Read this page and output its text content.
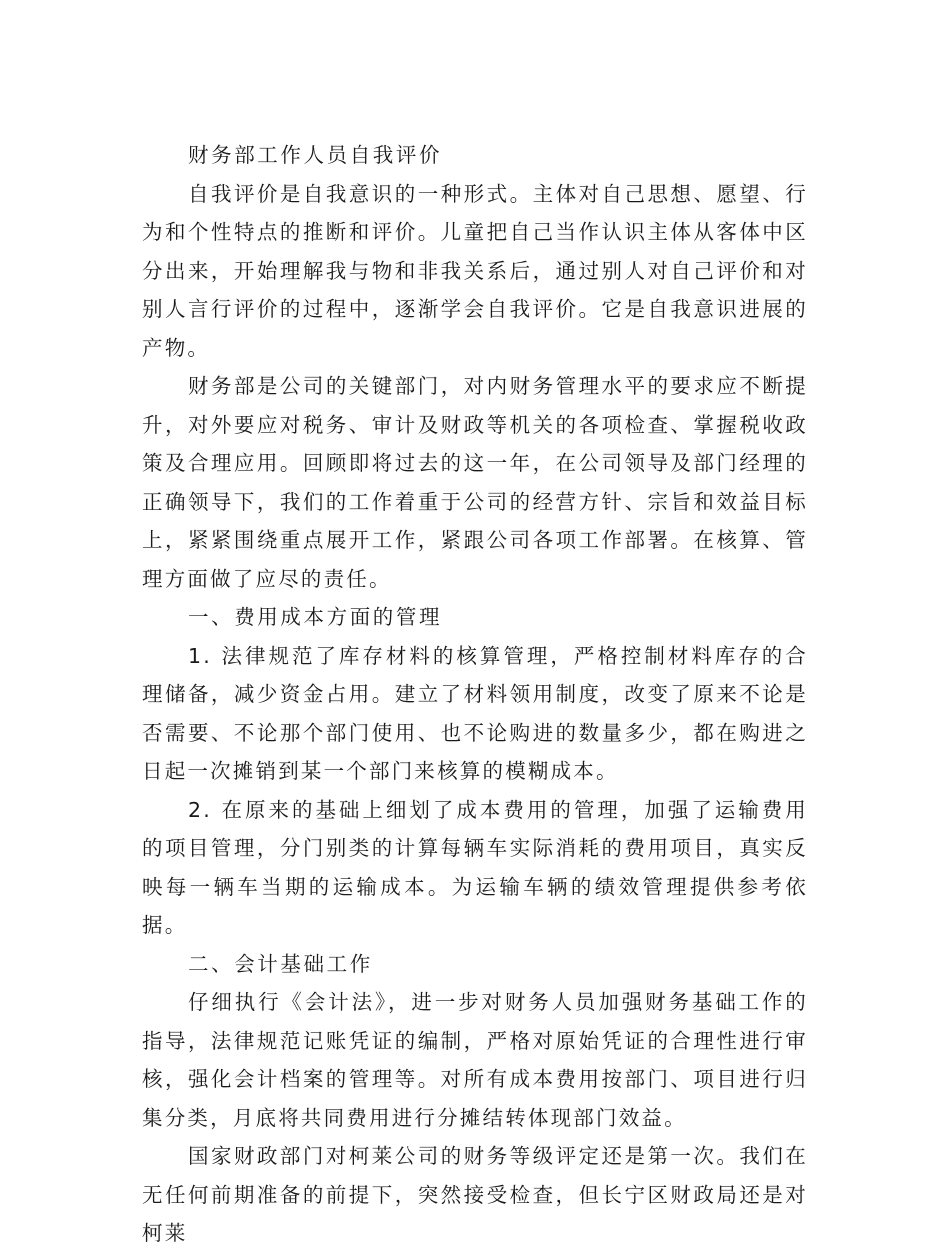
财务部工作人员自我评价

自我评价是自我意识的一种形式。主体对自己思想、愿望、行为和个性特点的推断和评价。儿童把自己当作认识主体从客体中区分出来，开始理解我与物和非我关系后，通过别人对自己评价和对别人言行评价的过程中，逐渐学会自我评价。它是自我意识进展的产物。

财务部是公司的关键部门，对内财务管理水平的要求应不断提升，对外要应对税务、审计及财政等机关的各项检查、掌握税收政策及合理应用。回顾即将过去的这一年，在公司领导及部门经理的正确领导下，我们的工作着重于公司的经营方针、宗旨和效益目标上，紧紧围绕重点展开工作，紧跟公司各项工作部署。在核算、管理方面做了应尽的责任。

一、费用成本方面的管理

1. 法律规范了库存材料的核算管理，严格控制材料库存的合理储备，减少资金占用。建立了材料领用制度，改变了原来不论是否需要、不论那个部门使用、也不论购进的数量多少，都在购进之日起一次摊销到某一个部门来核算的模糊成本。

2. 在原来的基础上细划了成本费用的管理，加强了运输费用的项目管理，分门别类的计算每辆车实际消耗的费用项目，真实反映每一辆车当期的运输成本。为运输车辆的绩效管理提供参考依据。

二、会计基础工作

仔细执行《会计法》，进一步对财务人员加强财务基础工作的指导，法律规范记账凭证的编制，严格对原始凭证的合理性进行审核，强化会计档案的管理等。对所有成本费用按部门、项目进行归集分类，月底将共同费用进行分摊结转体现部门效益。

国家财政部门对柯莱公司的财务等级评定还是第一次。我们在无任何前期准备的前提下，突然接受检查，但长宁区财政局还是对柯莱
